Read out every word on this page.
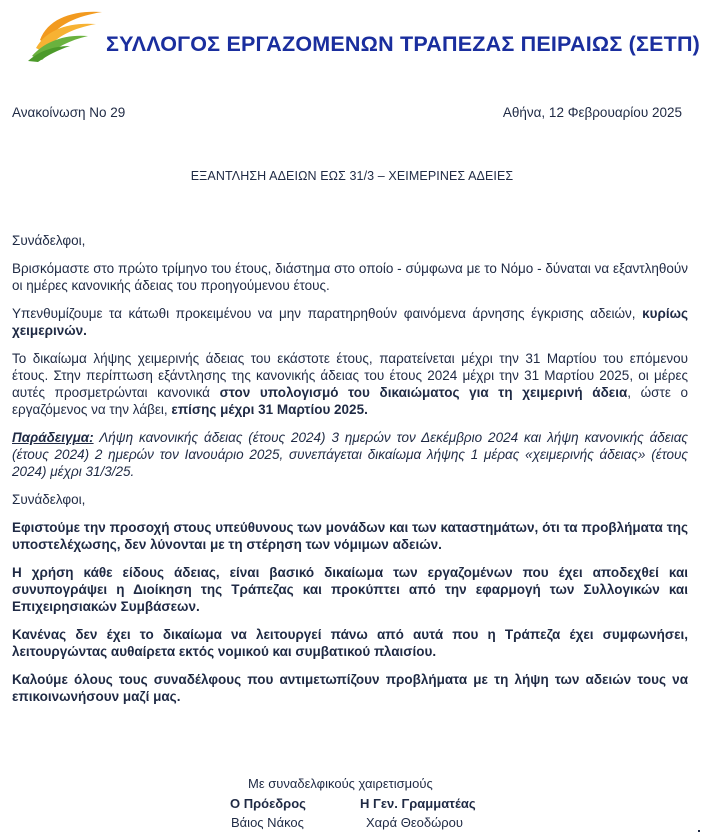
ΣΥΛΛΟΓΟΣ ΕΡΓΑΖΟΜΕΝΩΝ ΤΡΑΠΕΖΑΣ ΠΕΙΡΑΙΩΣ (ΣΕΤΠ)
Ανακοίνωση Νο 29	Αθήνα, 12 Φεβρουαρίου 2025
ΕΞΑΝΤΛΗΣΗ ΑΔΕΙΩΝ ΕΩΣ 31/3 – ΧΕΙΜΕΡΙΝΕΣ ΑΔΕΙΕΣ

Συνάδελφοι,

Βρισκόμαστε στο πρώτο τρίμηνο του έτους, διάστημα στο οποίο - σύμφωνα με το Νόμο - δύναται να εξαντληθούν οι ημέρες κανονικής άδειας του προηγούμενου έτους.

Υπενθυμίζουμε τα κάτωθι προκειμένου να μην παρατηρηθούν φαινόμενα άρνησης έγκρισης αδειών, κυρίως χειμερινών.

Το δικαίωμα λήψης χειμερινής άδειας του εκάστοτε έτους, παρατείνεται μέχρι την 31 Μαρτίου του επόμενου έτους. Στην περίπτωση εξάντλησης της κανονικής άδειας του έτους 2024 μέχρι την 31 Μαρτίου 2025, οι μέρες αυτές προσμετρώνται κανονικά στον υπολογισμό του δικαιώματος για τη χειμερινή άδεια, ώστε ο εργαζόμενος να την λάβει, επίσης μέχρι 31 Μαρτίου 2025.

Παράδειγμα: Λήψη κανονικής άδειας (έτους 2024) 3 ημερών τον Δεκέμβριο 2024 και λήψη κανονικής άδειας (έτους 2024) 2 ημερών τον Ιανουάριο 2025, συνεπάγεται δικαίωμα λήψης 1 μέρας «χειμερινής άδειας» (έτους 2024) μέχρι 31/3/25.

Συνάδελφοι,

Εφιστούμε την προσοχή στους υπεύθυνους των μονάδων και των καταστημάτων, ότι τα προβλήματα της υποστελέχωσης, δεν λύνονται με τη στέρηση των νόμιμων αδειών.

Η χρήση κάθε είδους άδειας, είναι βασικό δικαίωμα των εργαζομένων που έχει αποδεχθεί και συνυπογράψει η Διοίκηση της Τράπεζας και προκύπτει από την εφαρμογή των Συλλογικών και Επιχειρησιακών Συμβάσεων.

Κανένας δεν έχει το δικαίωμα να λειτουργεί πάνω από αυτά που η Τράπεζα έχει συμφωνήσει, λειτουργώντας αυθαίρετα εκτός νομικού και συμβατικού πλαισίου.

Καλούμε όλους τους συναδέλφους που αντιμετωπίζουν προβλήματα με τη λήψη των αδειών τους να επικοινωνήσουν μαζί μας.

Με συναδελφικούς χαιρετισμούς
Ο Πρόεδρος	Η Γεν. Γραμματέας
Βάιος Νάκος	Χαρά Θεοδώρου
